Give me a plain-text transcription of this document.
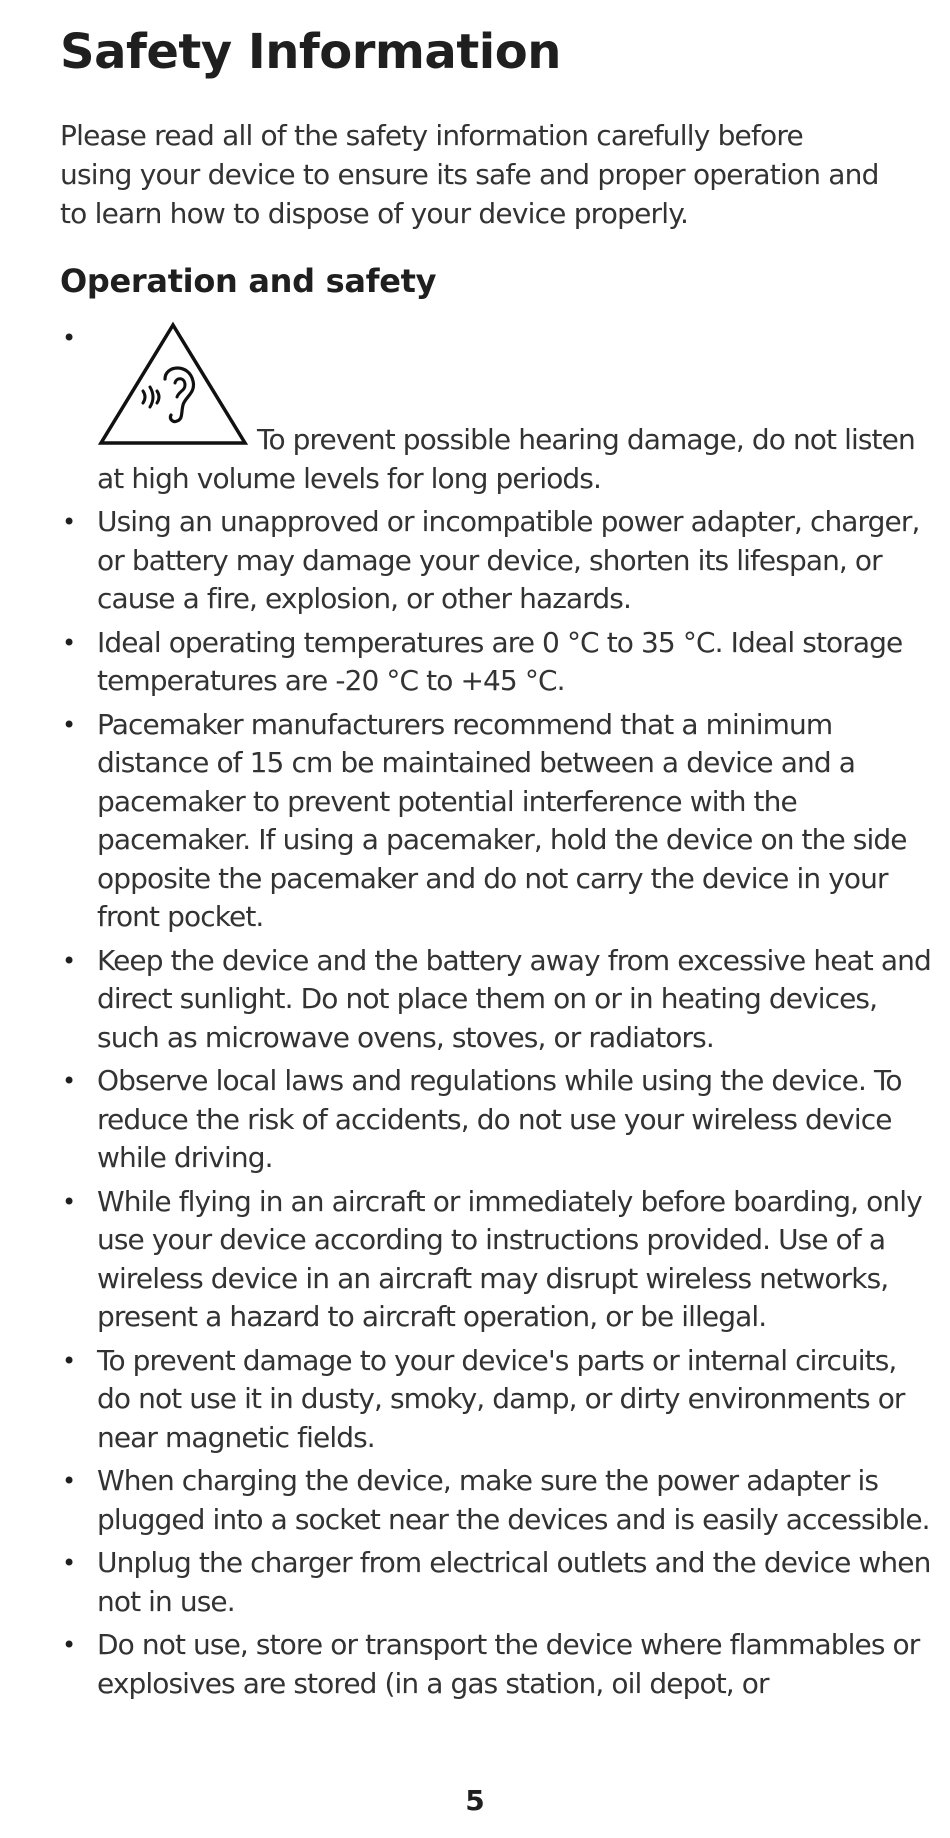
Safety Information

Please read all of the safety information carefully before using your device to ensure its safe and proper operation and to learn how to dispose of your device properly.

Operation and safety
•
To prevent possible hearing damage, do not listen at high volume levels for long periods.
• Using an unapproved or incompatible power adapter, charger, or battery may damage your device, shorten its lifespan, or cause a fire, explosion, or other hazards.
• Ideal operating temperatures are 0 °C to 35 °C. Ideal storage temperatures are -20 °C to +45 °C.
• Pacemaker manufacturers recommend that a minimum distance of 15 cm be maintained between a device and a pacemaker to prevent potential interference with the pacemaker. If using a pacemaker, hold the device on the side opposite the pacemaker and do not carry the device in your front pocket.
• Keep the device and the battery away from excessive heat and direct sunlight. Do not place them on or in heating devices, such as microwave ovens, stoves, or radiators.
• Observe local laws and regulations while using the device. To reduce the risk of accidents, do not use your wireless device while driving.
• While flying in an aircraft or immediately before boarding, only use your device according to instructions provided. Use of a wireless device in an aircraft may disrupt wireless networks, present a hazard to aircraft operation, or be illegal.
• To prevent damage to your device's parts or internal circuits, do not use it in dusty, smoky, damp, or dirty environments or near magnetic fields.
• When charging the device, make sure the power adapter is plugged into a socket near the devices and is easily accessible.
• Unplug the charger from electrical outlets and the device when not in use.
• Do not use, store or transport the device where flammables or explosives are stored (in a gas station, oil depot, or
5
